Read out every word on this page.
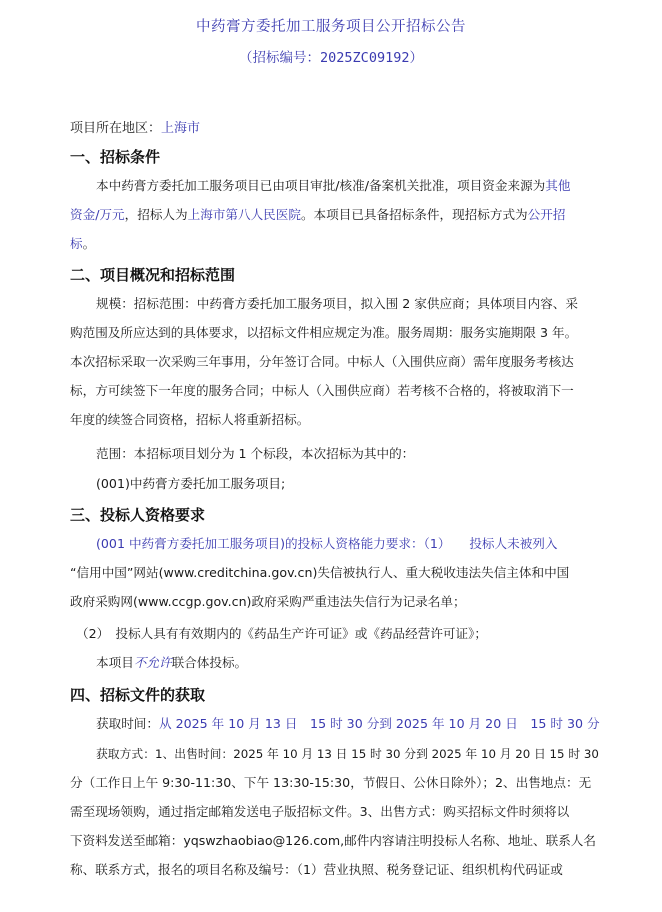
中药膏方委托加工服务项目公开招标公告
（招标编号：2025ZC09192）
项目所在地区：上海市
一、招标条件
本中药膏方委托加工服务项目已由项目审批/核准/备案机关批准，项目资金来源为其他
资金/万元，招标人为上海市第八人民医院。本项目已具备招标条件，现招标方式为公开招
标。
二、项目概况和招标范围
规模：招标范围：中药膏方委托加工服务项目，拟入围 2 家供应商；具体项目内容、采
购范围及所应达到的具体要求，以招标文件相应规定为准。服务周期：服务实施期限 3 年。
本次招标采取一次采购三年事用，分年签订合同。中标人（入围供应商）需年度服务考核达
标，方可续签下一年度的服务合同；中标人（入围供应商）若考核不合格的，将被取消下一
年度的续签合同资格，招标人将重新招标。
范围：本招标项目划分为 1 个标段，本次招标为其中的：
(001)中药膏方委托加工服务项目;
三、投标人资格要求
(001 中药膏方委托加工服务项目)的投标人资格能力要求：（1）　　投标人未被列入
“信用中国”网站(www.creditchina.gov.cn)失信被执行人、重大税收违法失信主体和中国
政府采购网(www.ccgp.gov.cn)政府采购严重违法失信行为记录名单；
（2）　投标人具有有效期内的《药品生产许可证》或《药品经营许可证》；
本项目不允许联合体投标。
四、招标文件的获取
获取时间：从 2025 年 10 月 13 日　15 时 30 分到 2025 年 10 月 20 日　15 时 30 分
获取方式：1、出售时间：2025 年 10 月 13 日 15 时 30 分到 2025 年 10 月 20 日 15 时 30
分（工作日上午 9:30-11:30、下午 13:30-15:30，节假日、公休日除外）；2、出售地点：无
需至现场领购，通过指定邮箱发送电子版招标文件。3、出售方式：购买招标文件时须将以
下资料发送至邮箱：yqswzhaobiao@126.com,邮件内容请注明投标人名称、地址、联系人名
称、联系方式，报名的项目名称及编号：（1）营业执照、税务登记证、组织机构代码证或
